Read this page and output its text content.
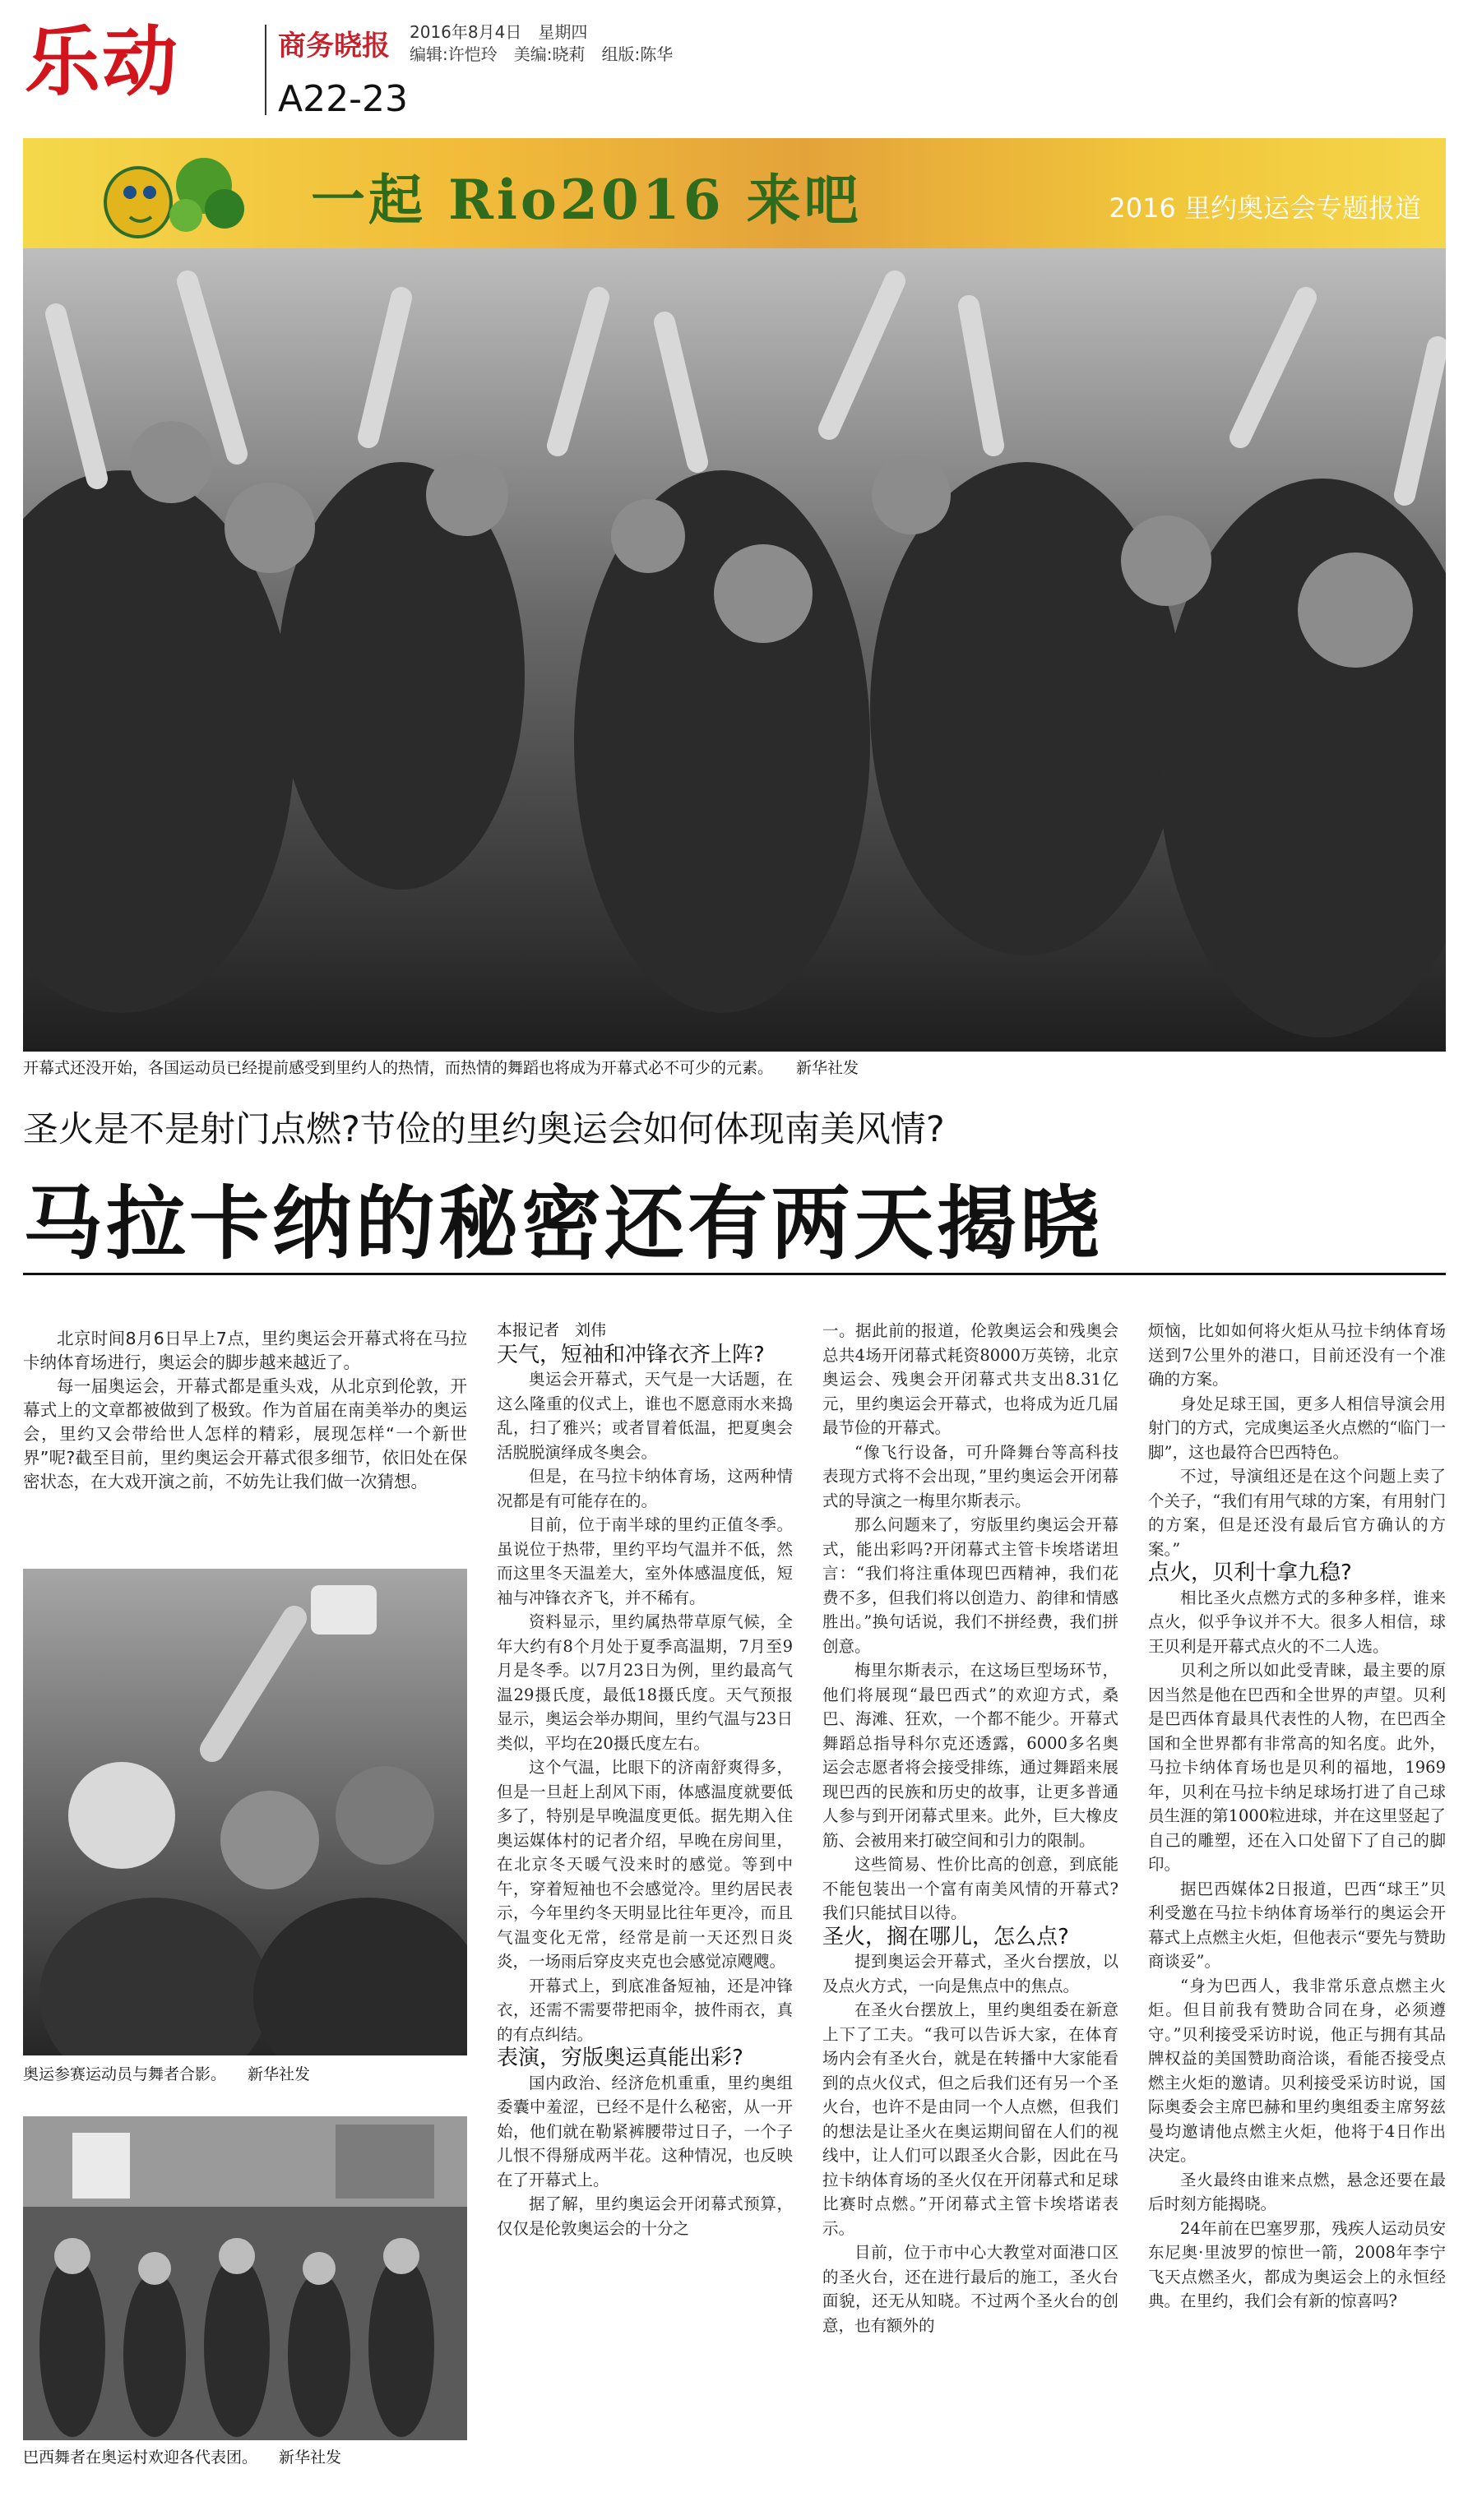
乐动	商务晓报 2016年8月4日　星期四
编辑:许恺玲　美编:晓莉　组版:陈华
A22-23
一起 Rio2016 来吧	2016 里约奥运会专题报道
开幕式还没开始，各国运动员已经提前感受到里约人的热情，而热情的舞蹈也将成为开幕式必不可少的元素。 新华社发
圣火是不是射门点燃?节俭的里约奥运会如何体现南美风情?
马拉卡纳的秘密还有两天揭晓

北京时间8月6日早上7点，里约奥运会开幕式将在马拉卡纳体育场进行，奥运会的脚步越来越近了。

每一届奥运会，开幕式都是重头戏，从北京到伦敦，开幕式上的文章都被做到了极致。作为首届在南美举办的奥运会，里约又会带给世人怎样的精彩，展现怎样“一个新世界”呢?截至目前，里约奥运会开幕式很多细节，依旧处在保密状态，在大戏开演之前，不妨先让我们做一次猜想。

奥运参赛运动员与舞者合影。 新华社发
巴西舞者在奥运村欢迎各代表团。 新华社发

本报记者　刘伟

天气，短袖和冲锋衣齐上阵?

奥运会开幕式，天气是一大话题，在这么隆重的仪式上，谁也不愿意雨水来捣乱，扫了雅兴；或者冒着低温，把夏奥会活脱脱演绎成冬奥会。

但是，在马拉卡纳体育场，这两种情况都是有可能存在的。

目前，位于南半球的里约正值冬季。虽说位于热带，里约平均气温并不低，然而这里冬天温差大，室外体感温度低，短袖与冲锋衣齐飞，并不稀有。

资料显示，里约属热带草原气候，全年大约有8个月处于夏季高温期，7月至9月是冬季。以7月23日为例，里约最高气温29摄氏度，最低18摄氏度。天气预报显示，奥运会举办期间，里约气温与23日类似，平均在20摄氏度左右。

这个气温，比眼下的济南舒爽得多，但是一旦赶上刮风下雨，体感温度就要低多了，特别是早晚温度更低。据先期入住奥运媒体村的记者介绍，早晚在房间里，在北京冬天暖气没来时的感觉。等到中午，穿着短袖也不会感觉冷。里约居民表示，今年里约冬天明显比往年更冷，而且气温变化无常，经常是前一天还烈日炎炎，一场雨后穿皮夹克也会感觉凉飕飕。

开幕式上，到底准备短袖，还是冲锋衣，还需不需要带把雨伞，披件雨衣，真的有点纠结。

表演，穷版奥运真能出彩?

国内政治、经济危机重重，里约奥组委囊中羞涩，已经不是什么秘密，从一开始，他们就在勒紧裤腰带过日子，一个子儿恨不得掰成两半花。这种情况，也反映在了开幕式上。

据了解，里约奥运会开闭幕式预算，仅仅是伦敦奥运会的十分之

一。据此前的报道，伦敦奥运会和残奥会总共4场开闭幕式耗资8000万英镑，北京奥运会、残奥会开闭幕式共支出8.31亿元，里约奥运会开幕式，也将成为近几届最节俭的开幕式。

“像飞行设备，可升降舞台等高科技表现方式将不会出现，”里约奥运会开闭幕式的导演之一梅里尔斯表示。

那么问题来了，穷版里约奥运会开幕式，能出彩吗?开闭幕式主管卡埃塔诺坦言：“我们将注重体现巴西精神，我们花费不多，但我们将以创造力、韵律和情感胜出。”换句话说，我们不拼经费，我们拼创意。

梅里尔斯表示，在这场巨型场环节，他们将展现“最巴西式”的欢迎方式，桑巴、海滩、狂欢，一个都不能少。开幕式舞蹈总指导科尔克还透露，6000多名奥运会志愿者将会接受排练，通过舞蹈来展现巴西的民族和历史的故事，让更多普通人参与到开闭幕式里来。此外，巨大橡皮筋、会被用来打破空间和引力的限制。

这些简易、性价比高的创意，到底能不能包装出一个富有南美风情的开幕式?我们只能拭目以待。

圣火，搁在哪儿，怎么点?

提到奥运会开幕式，圣火台摆放，以及点火方式，一向是焦点中的焦点。

在圣火台摆放上，里约奥组委在新意上下了工夫。“我可以告诉大家，在体育场内会有圣火台，就是在转播中大家能看到的点火仪式，但之后我们还有另一个圣火台，也许不是由同一个人点燃，但我们的想法是让圣火在奥运期间留在人们的视线中，让人们可以跟圣火合影，因此在马拉卡纳体育场的圣火仅在开闭幕式和足球比赛时点燃。”开闭幕式主管卡埃塔诺表示。

目前，位于市中心大教堂对面港口区的圣火台，还在进行最后的施工，圣火台面貌，还无从知晓。不过两个圣火台的创意，也有额外的

烦恼，比如如何将火炬从马拉卡纳体育场送到7公里外的港口，目前还没有一个准确的方案。

身处足球王国，更多人相信导演会用射门的方式，完成奥运圣火点燃的“临门一脚”，这也最符合巴西特色。

不过，导演组还是在这个问题上卖了个关子，“我们有用气球的方案，有用射门的方案，但是还没有最后官方确认的方案。”

点火，贝利十拿九稳?

相比圣火点燃方式的多种多样，谁来点火，似乎争议并不大。很多人相信，球王贝利是开幕式点火的不二人选。

贝利之所以如此受青睐，最主要的原因当然是他在巴西和全世界的声望。贝利是巴西体育最具代表性的人物，在巴西全国和全世界都有非常高的知名度。此外，马拉卡纳体育场也是贝利的福地，1969年，贝利在马拉卡纳足球场打进了自己球员生涯的第1000粒进球，并在这里竖起了自己的雕塑，还在入口处留下了自己的脚印。

据巴西媒体2日报道，巴西“球王”贝利受邀在马拉卡纳体育场举行的奥运会开幕式上点燃主火炬，但他表示“要先与赞助商谈妥”。

“身为巴西人，我非常乐意点燃主火炬。但目前我有赞助合同在身，必须遵守。”贝利接受采访时说，他正与拥有其品牌权益的美国赞助商洽谈，看能否接受点燃主火炬的邀请。贝利接受采访时说，国际奥委会主席巴赫和里约奥组委主席努兹曼均邀请他点燃主火炬，他将于4日作出决定。

圣火最终由谁来点燃，悬念还要在最后时刻方能揭晓。

24年前在巴塞罗那，残疾人运动员安东尼奥·里波罗的惊世一箭，2008年李宁飞天点燃圣火，都成为奥运会上的永恒经典。在里约，我们会有新的惊喜吗?
